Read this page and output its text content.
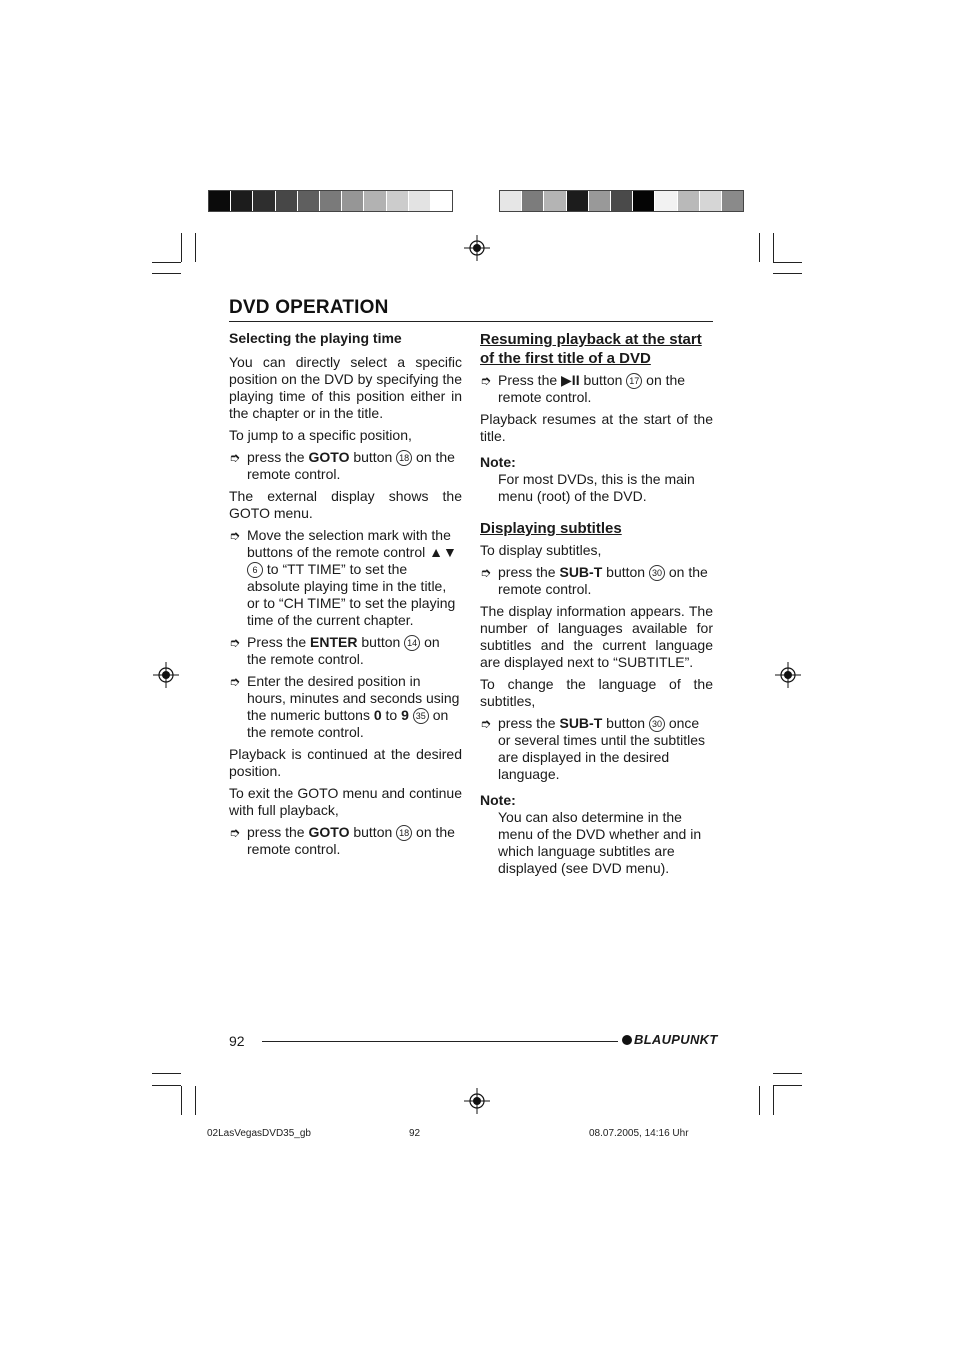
DVD OPERATION
Selecting the playing time

You can directly select a specific position on the DVD by specifying the playing time of this position either in the chapter or in the title.

To jump to a specific position,

➮ press the GOTO button 18 on the remote control.

The external display shows the GOTO menu.

➮ Move the selection mark with the buttons of the remote control ▲▼ 6 to “TT TIME” to set the absolute playing time in the title, or to “CH TIME” to set the playing time of the current chapter.
➮ Press the ENTER button 14 on the remote control.
➮ Enter the desired position in hours, minutes and seconds using the numeric buttons 0 to 9 35 on the remote control.

Playback is continued at the desired position.

To exit the GOTO menu and continue with full playback,

➮ press the GOTO button 18 on the remote control.
Resuming playback at the start of the first title of a DVD
➮ Press the ▶II button 17 on the remote control.

Playback resumes at the start of the title.

Note:
For most DVDs, this is the main menu (root) of the DVD.
Displaying subtitles

To display subtitles,

➮ press the SUB-T button 30 on the remote control.

The display information appears. The number of languages available for subtitles and the current language are displayed next to “SUBTITLE”.

To change the language of the subtitles,

➮ press the SUB-T button 30 once or several times until the subtitles are displayed in the desired language.
Note:
You can also determine in the menu of the DVD whether and in which language subtitles are displayed (see DVD menu).
92	BLAUPUNKT
02LasVegasDVD35_gb	92	08.07.2005, 14:16 Uhr
